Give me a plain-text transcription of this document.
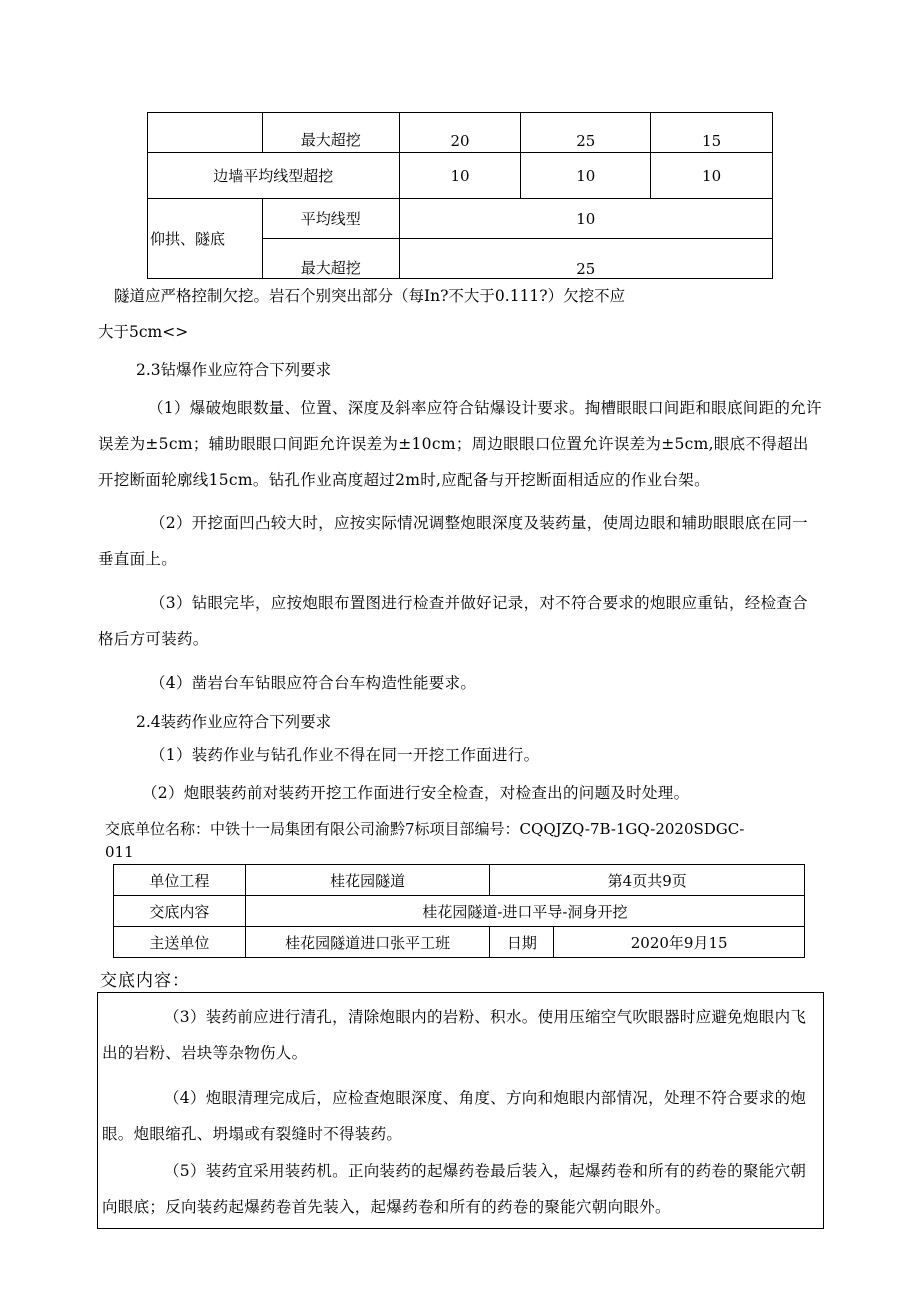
	最大超挖	20	25	15
边墙平均线型超挖		10	10	10
仰拱、隧底	平均线型	10		
	最大超挖	25		
隧道应严格控制欠挖。岩石个别突出部分（每In?不大于0.111?）欠挖不应
大于5cm<>
2.3钻爆作业应符合下列要求
（1）爆破炮眼数量、位置、深度及斜率应符合钻爆设计要求。掏槽眼眼口间距和眼底间距的允许误差为±5cm；辅助眼眼口间距允许误差为±10cm；周边眼眼口位置允许误差为±5cm,眼底不得超出开挖断面轮廓线15cm。钻孔作业高度超过2m时,应配备与开挖断面相适应的作业台架。
（2）开挖面凹凸较大时，应按实际情况调整炮眼深度及装药量，使周边眼和辅助眼眼底在同一垂直面上。
（3）钻眼完毕，应按炮眼布置图进行检查并做好记录，对不符合要求的炮眼应重钻，经检查合格后方可装药。
（4）凿岩台车钻眼应符合台车构造性能要求。
2.4装药作业应符合下列要求
（1）装药作业与钻孔作业不得在同一开挖工作面进行。
（2）炮眼装药前对装药开挖工作面进行安全检查，对检查出的问题及时处理。
交底单位名称：中铁十一局集团有限公司渝黔7标项目部编号：CQQJZQ-7B-1GQ-2020SDGC-
011
单位工程	桂花园隧道	第4页共9页	
交底内容	桂花园隧道-进口平导-洞身开挖		
主送单位	桂花园隧道进口张平工班	日期	2020年9月15
交底内容：
（3）装药前应进行清孔，清除炮眼内的岩粉、积水。使用压缩空气吹眼器时应避免炮眼内飞出的岩粉、岩块等杂物伤人。
（4）炮眼清理完成后，应检查炮眼深度、角度、方向和炮眼内部情况，处理不符合要求的炮眼。炮眼缩孔、坍塌或有裂缝时不得装药。
（5）装药宜采用装药机。正向装药的起爆药卷最后装入，起爆药卷和所有的药卷的聚能穴朝向眼底；反向装药起爆药卷首先装入，起爆药卷和所有的药卷的聚能穴朝向眼外。
